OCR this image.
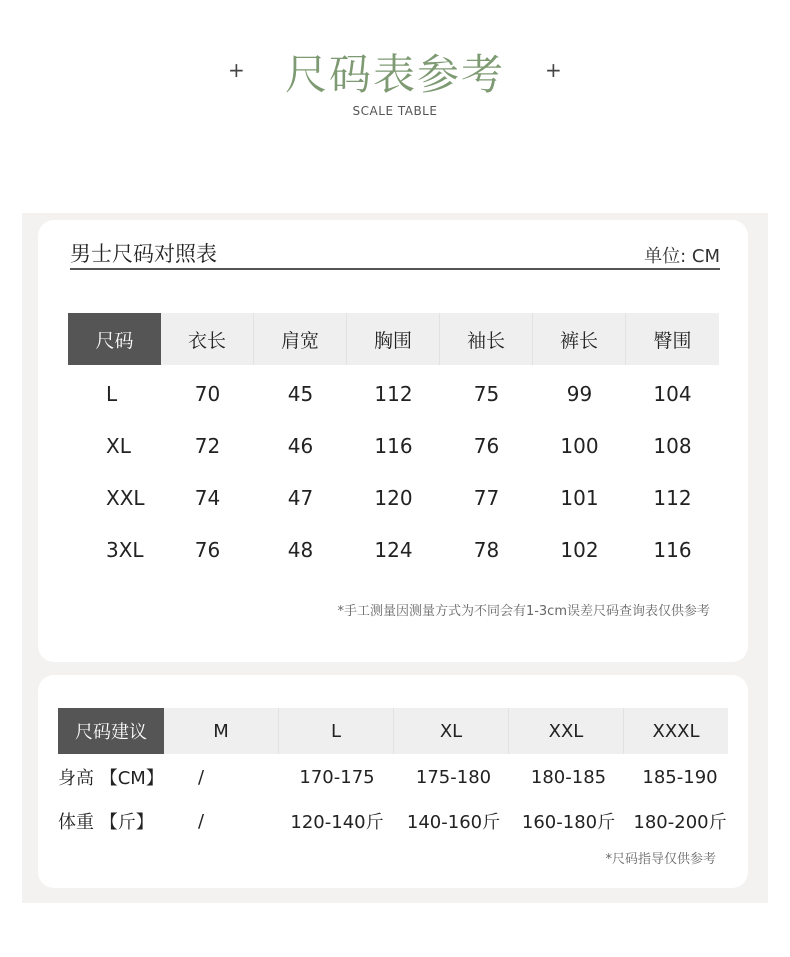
+ 尺码表参考	+
SCALE TABLE
男士尺码对照表	单位: CM
尺码	衣长	肩宽	胸围	袖长	裤长	臀围
L	70	45	112	75	99	104
XL	72	46	116	76	100	108
XXL	74	47	120	77	101	112
3XL	76	48	124	78	102	116
*手工测量因测量方式为不同会有1-3cm误差尺码查询表仅供参考
尺码建议	M	L	XL	XXL	XXXL
身高 【CM】	/	170-175	175-180	180-185	185-190
体重 【斤】	/	120-140斤	140-160斤	160-180斤	180-200斤
*尺码指导仅供参考
